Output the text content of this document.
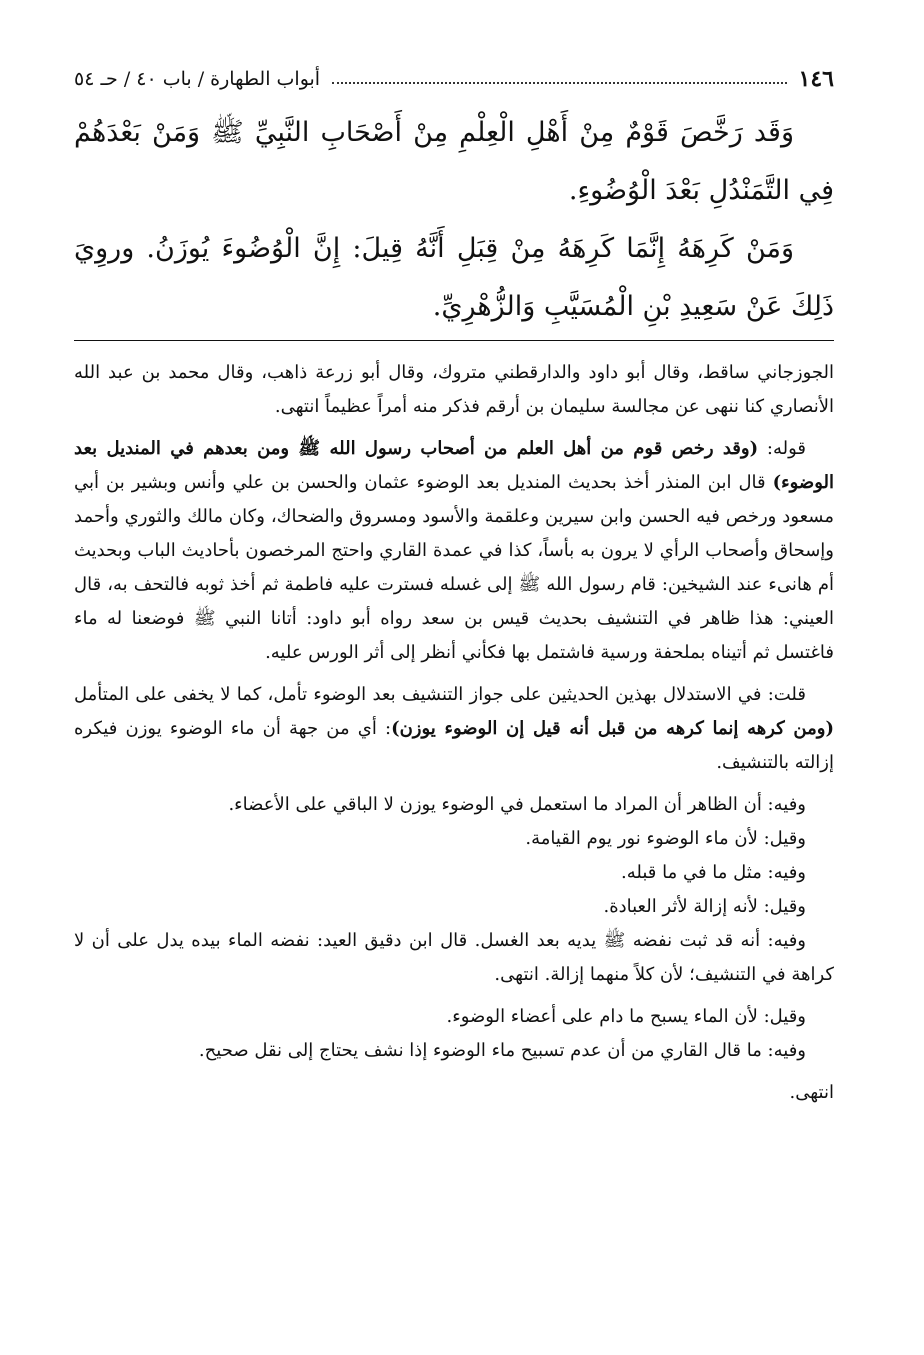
١٤٦
أبواب الطهارة / باب ٤٠ / حـ ٥٤

وَقَد رَخَّصَ قَوْمٌ مِنْ أَهْلِ الْعِلْمِ مِنْ أَصْحَابِ النَّبِيِّ ﷺ وَمَنْ بَعْدَهُمْ فِي التَّمَنْدُلِ بَعْدَ الْوُضُوءِ.

وَمَنْ كَرِهَهُ إِنَّمَا كَرِهَهُ مِنْ قِبَلِ أَنَّهُ قِيلَ: إِنَّ الْوُضُوءَ يُوزَنُ. وروِيَ ذَلِكَ عَنْ سَعِيدِ بْنِ الْمُسَيَّبِ وَالزُّهْرِيِّ.

الجوزجاني ساقط، وقال أبو داود والدارقطني متروك، وقال أبو زرعة ذاهب، وقال محمد بن عبد الله الأنصاري كنا ننهى عن مجالسة سليمان بن أرقم فذكر منه أمراً عظيماً انتهى.

قوله: (وقد رخص قوم من أهل العلم من أصحاب رسول الله ﷺ ومن بعدهم في المنديل بعد الوضوء) قال ابن المنذر أخذ بحديث المنديل بعد الوضوء عثمان والحسن بن علي وأنس وبشير بن أبي مسعود ورخص فيه الحسن وابن سيرين وعلقمة والأسود ومسروق والضحاك، وكان مالك والثوري وأحمد وإسحاق وأصحاب الرأي لا يرون به بأساً، كذا في عمدة القاري واحتج المرخصون بأحاديث الباب وبحديث أم هانىء عند الشيخين: قام رسول الله ﷺ إلى غسله فسترت عليه فاطمة ثم أخذ ثوبه فالتحف به، قال العيني: هذا ظاهر في التنشيف بحديث قيس بن سعد رواه أبو داود: أتانا النبي ﷺ فوضعنا له ماء فاغتسل ثم أتيناه بملحفة ورسية فاشتمل بها فكأني أنظر إلى أثر الورس عليه.

قلت: في الاستدلال بهذين الحديثين على جواز التنشيف بعد الوضوء تأمل، كما لا يخفى على المتأمل (ومن كرهه إنما كرهه من قبل أنه قيل إن الوضوء يوزن): أي من جهة أن ماء الوضوء يوزن فيكره إزالته بالتنشيف.

وفيه: أن الظاهر أن المراد ما استعمل في الوضوء يوزن لا الباقي على الأعضاء.

وقيل: لأن ماء الوضوء نور يوم القيامة.

وفيه: مثل ما في ما قبله.

وقيل: لأنه إزالة لأثر العبادة.

وفيه: أنه قد ثبت نفضه ﷺ يديه بعد الغسل. قال ابن دقيق العيد: نفضه الماء بيده يدل على أن لا كراهة في التنشيف؛ لأن كلاً منهما إزالة. انتهى.

وقيل: لأن الماء يسبح ما دام على أعضاء الوضوء.

وفيه: ما قال القاري من أن عدم تسبيح ماء الوضوء إذا نشف يحتاج إلى نقل صحيح.

انتهى.
